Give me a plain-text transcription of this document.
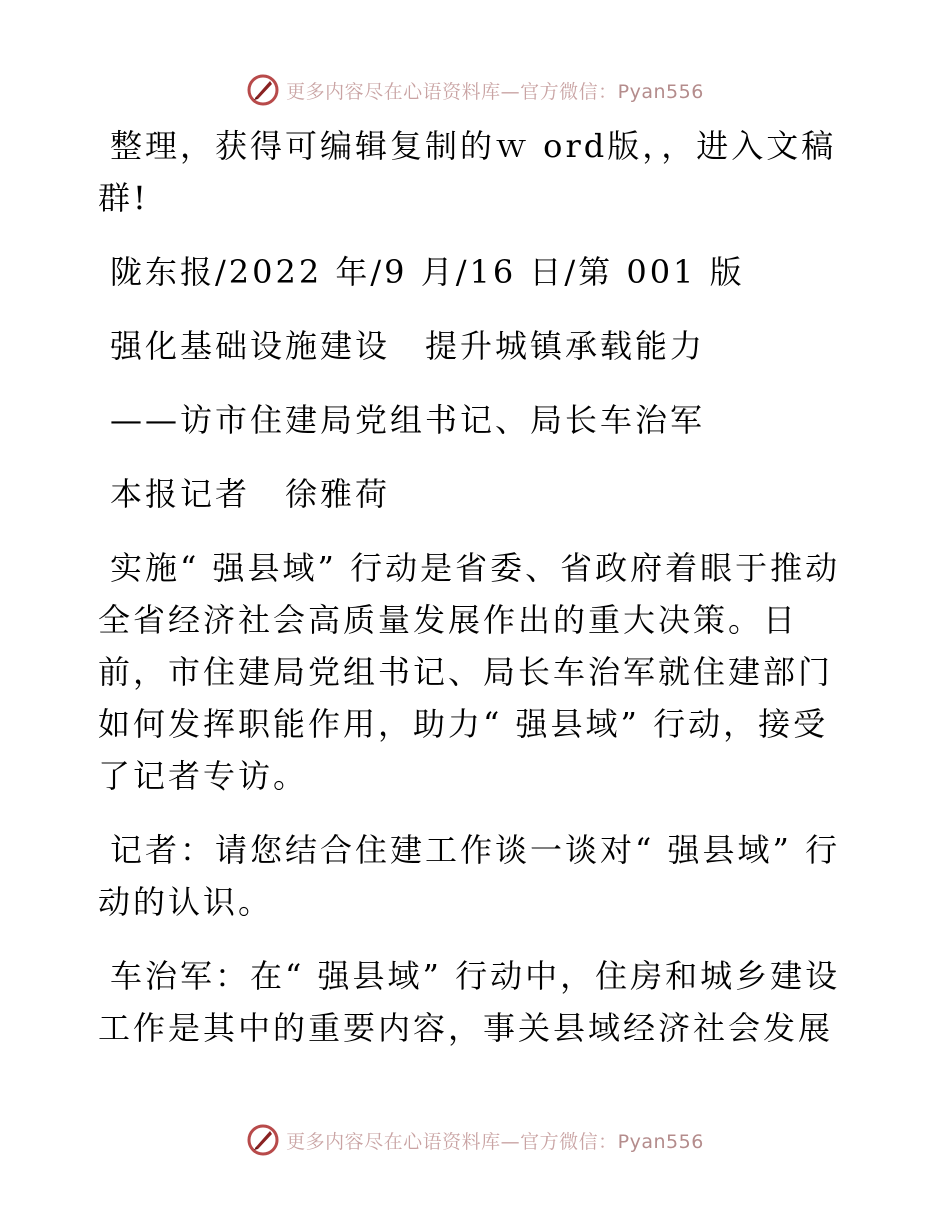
更多内容尽在心语资料库—官方微信：Pyan556

整理，获得可编辑复制的ｗ ord版，，进入文稿群!

陇东报/2022 年/9 月/16 日/第 001 版

强化基础设施建设　提升城镇承载能力

——访市住建局党组书记、局长车治军

本报记者　徐雅荷

实施“ 强县域” 行动是省委、省政府着眼于推动全省经济社会高质量发展作出的重大决策。日前，市住建局党组书记、局长车治军就住建部门如何发挥职能作用，助力“ 强县域” 行动，接受了记者专访。

记者：请您结合住建工作谈一谈对“ 强县域” 行动的认识。

车治军：在“ 强县域” 行动中，住房和城乡建设工作是其中的重要内容，事关县域经济社会发展

更多内容尽在心语资料库—官方微信：Pyan556
